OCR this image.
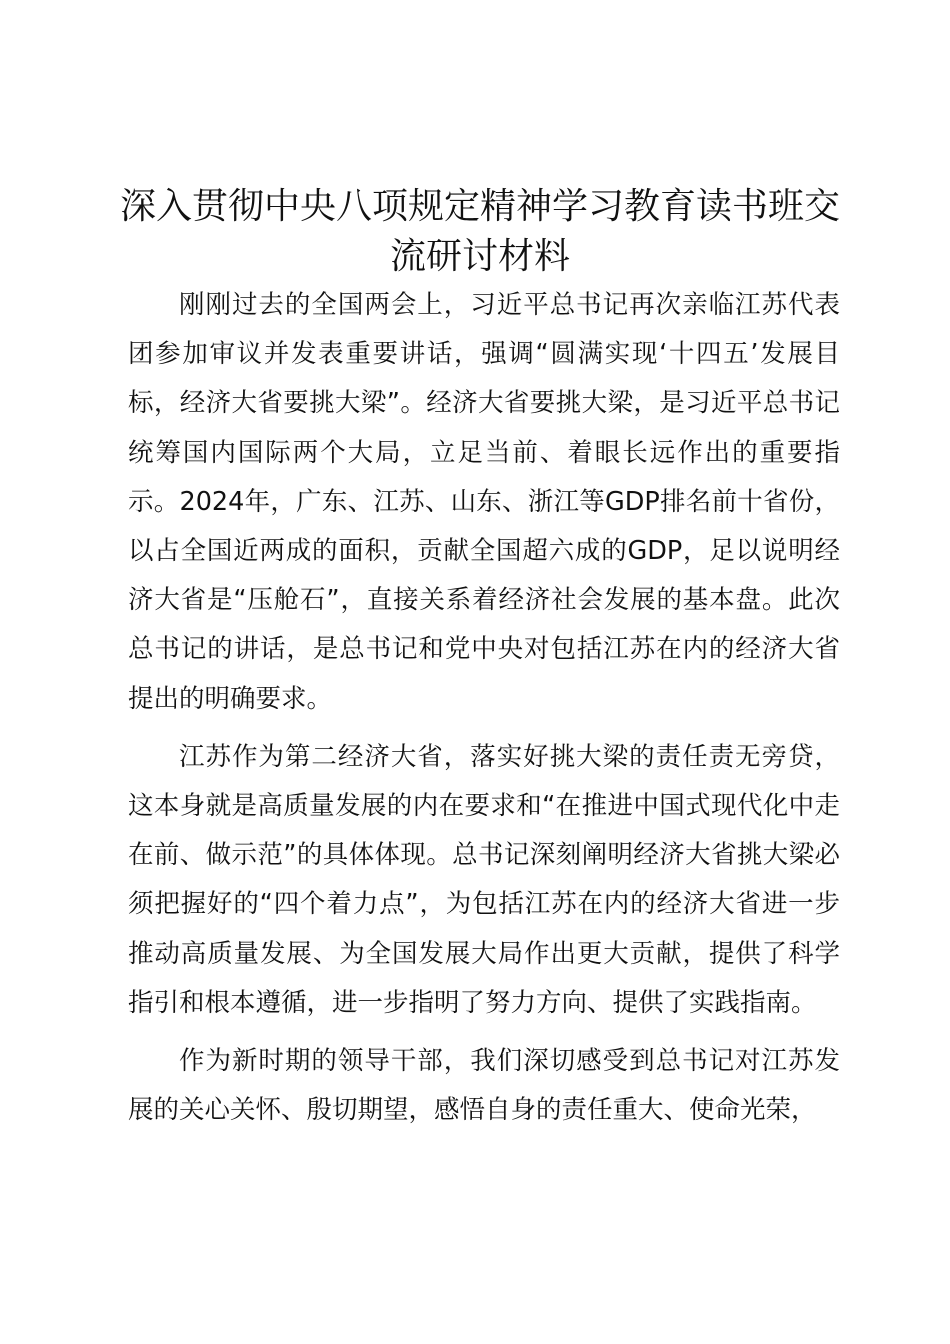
深入贯彻中央八项规定精神学习教育读书班交
流研讨材料

刚刚过去的全国两会上，习近平总书记再次亲临江苏代表团参加审议并发表重要讲话，强调“圆满实现‘十四五’发展目标，经济大省要挑大梁”。经济大省要挑大梁，是习近平总书记统筹国内国际两个大局，立足当前、着眼长远作出的重要指示。2024年，广东、江苏、山东、浙江等GDP排名前十省份，以占全国近两成的面积，贡献全国超六成的GDP，足以说明经济大省是“压舱石”，直接关系着经济社会发展的基本盘。此次总书记的讲话，是总书记和党中央对包括江苏在内的经济大省提出的明确要求。

江苏作为第二经济大省，落实好挑大梁的责任责无旁贷，这本身就是高质量发展的内在要求和“在推进中国式现代化中走在前、做示范”的具体体现。总书记深刻阐明经济大省挑大梁必须把握好的“四个着力点”，为包括江苏在内的经济大省进一步推动高质量发展、为全国发展大局作出更大贡献，提供了科学指引和根本遵循，进一步指明了努力方向、提供了实践指南。

作为新时期的领导干部，我们深切感受到总书记对江苏发展的关心关怀、殷切期望，感悟自身的责任重大、使命光荣，
